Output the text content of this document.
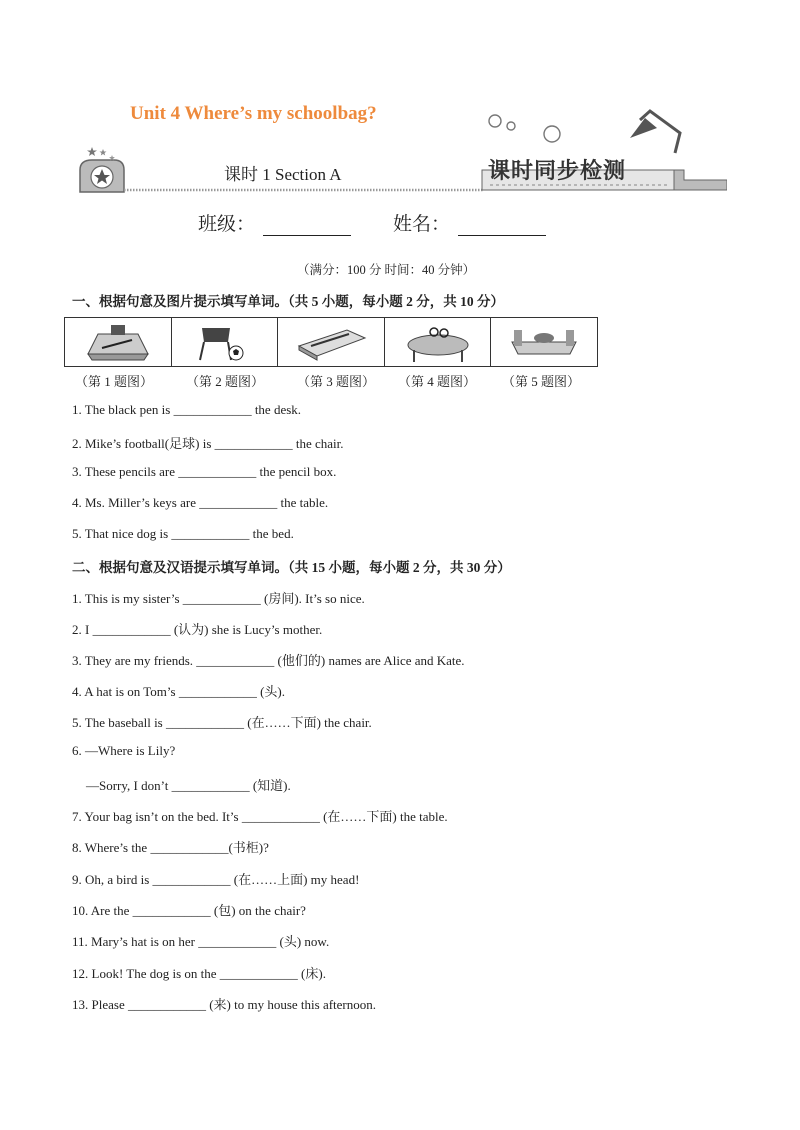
Unit 4 Where’s my schoolbag?
课时 1 Section A	课时同步检测
班级：	姓名：
（满分：100 分 时间：40 分钟）
一、根据句意及图片提示填写单词。（共 5 小题，每小题 2 分，共 10 分）
（第 1 题图）	（第 2 题图）	（第 3 题图） （第 4 题图） （第 5 题图）
1. The black pen is ____________ the desk.
2. Mike’s football(足球) is ____________ the chair.
3. These pencils are ____________ the pencil box.
4. Ms. Miller’s keys are ____________ the table.
5. That nice dog is ____________ the bed.
二、根据句意及汉语提示填写单词。（共 15 小题，每小题 2 分，共 30 分）
1. This is my sister’s ____________ (房间). It’s so nice.
2. I ____________ (认为) she is Lucy’s mother.
3. They are my friends. ____________ (他们的) names are Alice and Kate.
4. A hat is on Tom’s ____________ (头).
5. The baseball is ____________ (在……下面) the chair.
6. —Where is Lily?
—Sorry, I don’t ____________ (知道).
7. Your bag isn’t on the bed. It’s ____________ (在……下面) the table.
8. Where’s the ____________(书柜)?
9. Oh, a bird is ____________ (在……上面) my head!
10. Are the ____________ (包) on the chair?
11. Mary’s hat is on her ____________ (头) now.
12. Look! The dog is on the ____________ (床).
13. Please ____________ (来) to my house this afternoon.
